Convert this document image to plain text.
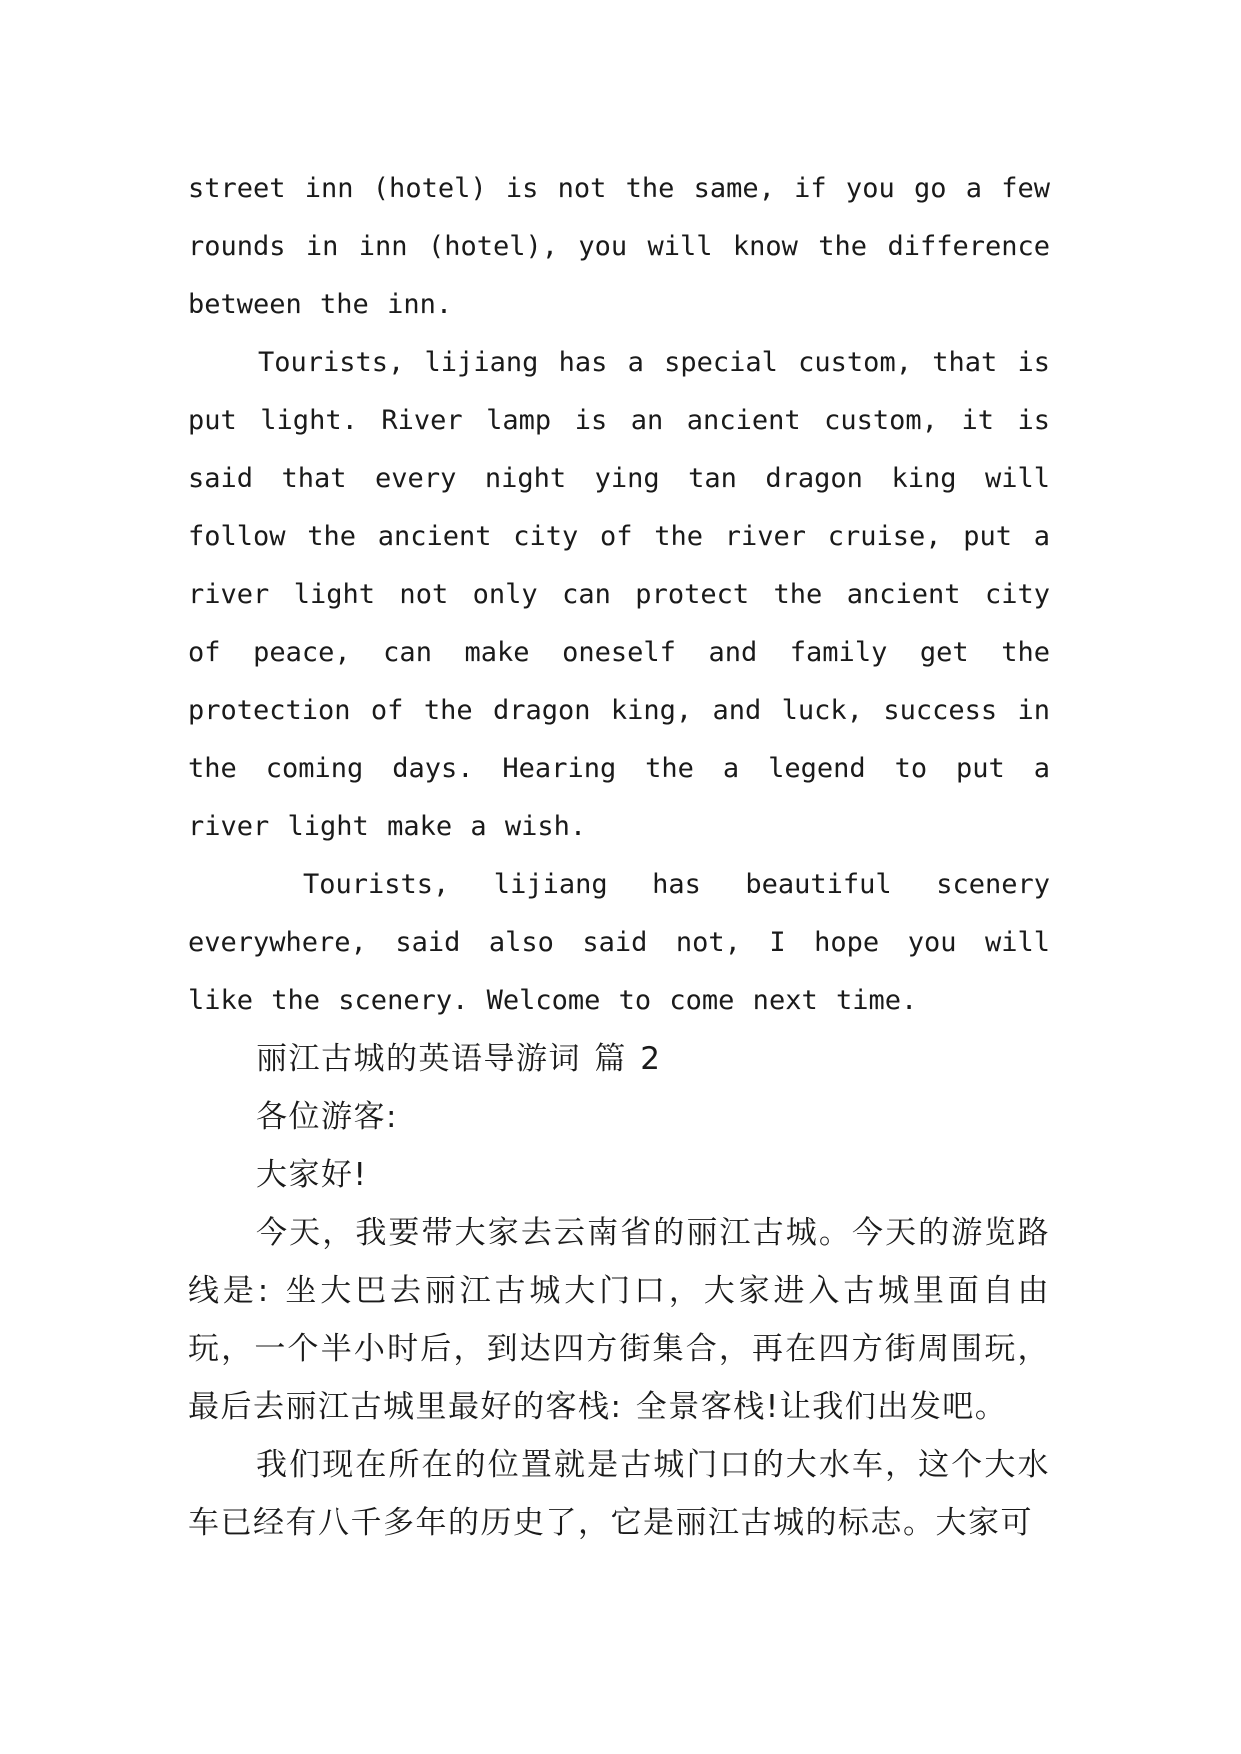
street inn (hotel) is not the same, if you go a few rounds in inn (hotel), you will know the difference between the inn.

Tourists, lijiang has a special custom, that is put light. River lamp is an ancient custom, it is said that every night ying tan dragon king will follow the ancient city of the river cruise, put a river light not only can protect the ancient city of peace, can make oneself and family get the protection of the dragon king, and luck, success in the coming days. Hearing the a legend to put a river light make a wish.

Tourists, lijiang has beautiful scenery everywhere, said also said not, I hope you will like the scenery. Welcome to come next time.

丽江古城的英语导游词 篇 2

各位游客:

大家好!

今天，我要带大家去云南省的丽江古城。今天的游览路线是: 坐大巴去丽江古城大门口，大家进入古城里面自由玩，一个半小时后，到达四方街集合，再在四方街周围玩，最后去丽江古城里最好的客栈: 全景客栈!让我们出发吧。

我们现在所在的位置就是古城门口的大水车，这个大水车已经有八千多年的历史了，它是丽江古城的标志。大家可
